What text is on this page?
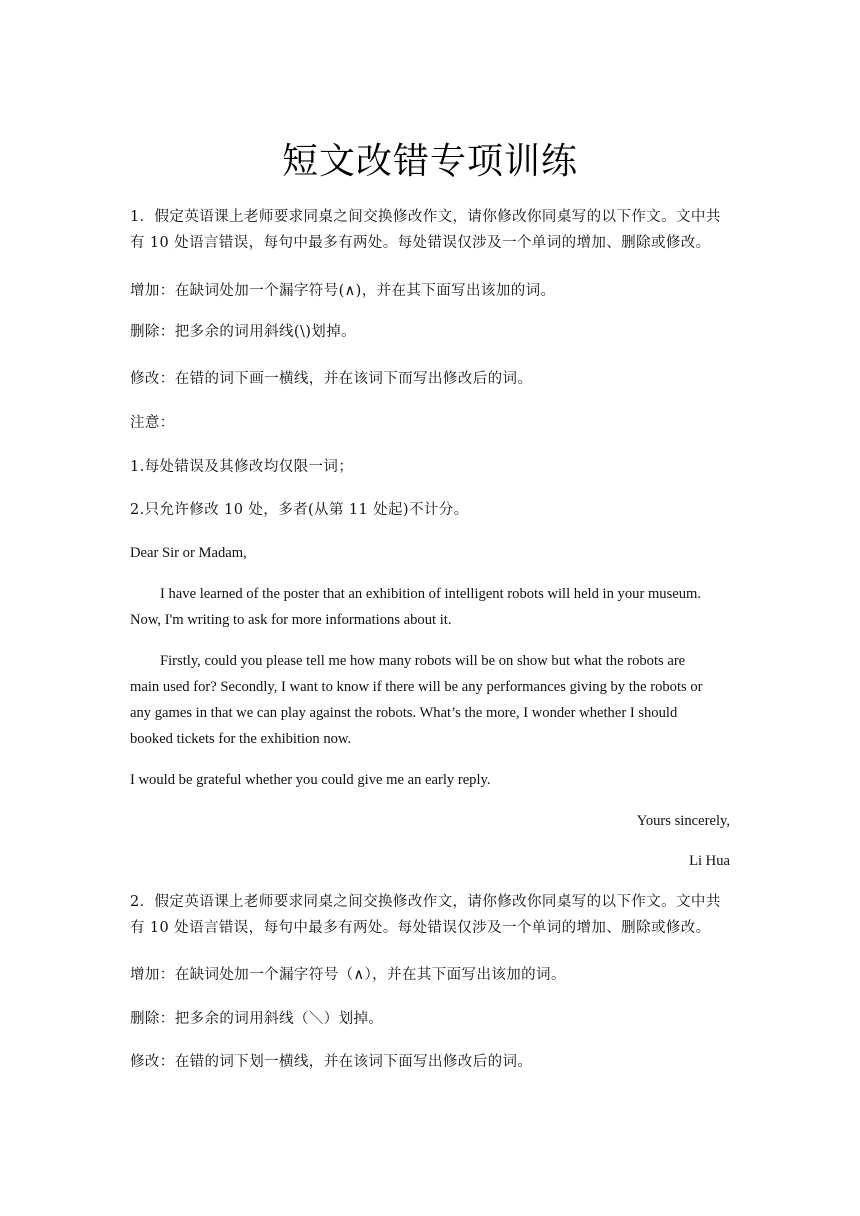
短文改错专项训练
1．假定英语课上老师要求同桌之间交换修改作文，请你修改你同桌写的以下作文。文中共
有 10 处语言错误，每句中最多有两处。每处错误仅涉及一个单词的增加、删除或修改。
增加：在缺词处加一个漏字符号(∧)，并在其下面写出该加的词。
删除：把多余的词用斜线(\)划掉。
修改：在错的词下画一横线，并在该词下而写出修改后的词。
注意：
1.每处错误及其修改均仅限一词；
2.只允许修改 10 处，多者(从第 11 处起)不计分。
Dear Sir or Madam,
I have learned of the poster that an exhibition of intelligent robots will held in your museum.
Now, I'm writing to ask for more informations about it.
Firstly, could you please tell me how many robots will be on show but what the robots are
main used for? Secondly, I want to know if there will be any performances giving by the robots or
any games in that we can play against the robots. What’s the more, I wonder whether I should
booked tickets for the exhibition now.
I would be grateful whether you could give me an early reply.
Yours sincerely,
Li Hua
2．假定英语课上老师要求同桌之间交换修改作文，请你修改你同桌写的以下作文。文中共
有 10 处语言错误，每句中最多有两处。每处错误仅涉及一个单词的增加、删除或修改。
增加：在缺词处加一个漏字符号（∧），并在其下面写出该加的词。
删除：把多余的词用斜线（＼）划掉。
修改：在错的词下划一横线，并在该词下面写出修改后的词。
